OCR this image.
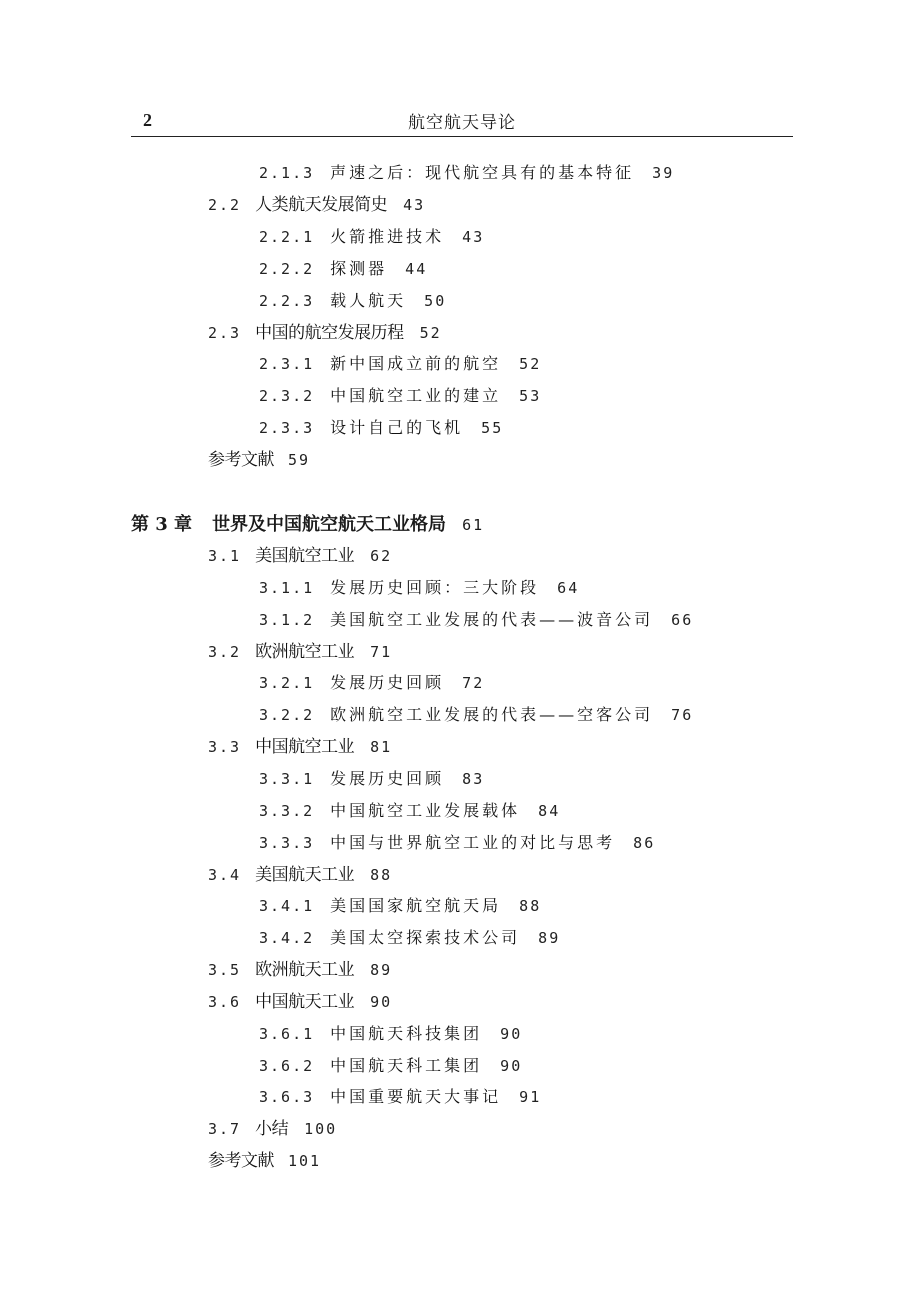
2	航空航天导论
2.1.3 声速之后：现代航空具有的基本特征 39
2.2 人类航天发展简史 43
2.2.1 火箭推进技术 43
2.2.2 探测器 44
2.2.3 载人航天 50
2.3 中国的航空发展历程 52
2.3.1 新中国成立前的航空 52
2.3.2 中国航空工业的建立 53
2.3.3 设计自己的飞机 55
参考文献 59
第 3 章 世界及中国航空航天工业格局 61
3.1 美国航空工业 62
3.1.1 发展历史回顾：三大阶段 64
3.1.2 美国航空工业发展的代表——波音公司 66
3.2 欧洲航空工业 71
3.2.1 发展历史回顾 72
3.2.2 欧洲航空工业发展的代表——空客公司 76
3.3 中国航空工业 81
3.3.1 发展历史回顾 83
3.3.2 中国航空工业发展载体 84
3.3.3 中国与世界航空工业的对比与思考 86
3.4 美国航天工业 88
3.4.1 美国国家航空航天局 88
3.4.2 美国太空探索技术公司 89
3.5 欧洲航天工业 89
3.6 中国航天工业 90
3.6.1 中国航天科技集团 90
3.6.2 中国航天科工集团 90
3.6.3 中国重要航天大事记 91
3.7 小结 100
参考文献 101
